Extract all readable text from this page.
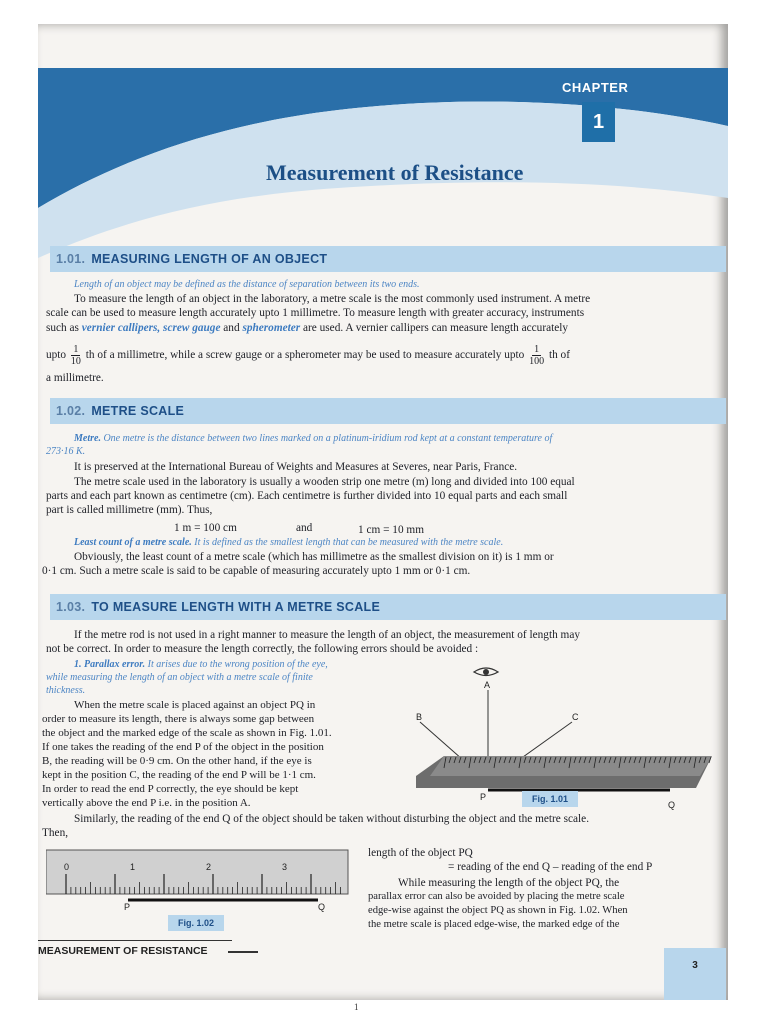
CHAPTER
1
Measurement of Resistance
1.01. MEASURING LENGTH OF AN OBJECT
Length of an object may be defined as the distance of separation between its two ends.
To measure the length of an object in the laboratory, a metre scale is the most commonly used instrument. A metre
scale can be used to measure length accurately upto 1 millimetre. To measure length with greater accuracy, instruments
such as vernier callipers, screw gauge and spherometer are used. A vernier callipers can measure length accurately
upto $\frac{1}{10}$ th of a millimetre, while a screw gauge or a spherometer may be used to measure accurately upto $\frac{1}{100}$ th of
a millimetre.
1.02. METRE SCALE
Metre. One metre is the distance between two lines marked on a platinum-iridium rod kept at a constant temperature of
273·16 K.
It is preserved at the International Bureau of Weights and Measures at Severes, near Paris, France.
The metre scale used in the laboratory is usually a wooden strip one metre (m) long and divided into 100 equal
parts and each part known as centimetre (cm). Each centimetre is further divided into 10 equal parts and each small
part is called millimetre (mm). Thus,
1 m = 100 cm	and	1 cm = 10 mm
Least count of a metre scale. It is defined as the smallest length that can be measured with the metre scale.
Obviously, the least count of a metre scale (which has millimetre as the smallest division on it) is 1 mm or
0·1 cm. Such a metre scale is said to be capable of measuring accurately upto 1 mm or 0·1 cm.
1.03. TO MEASURE LENGTH WITH A METRE SCALE
If the metre rod is not used in a right manner to measure the length of an object, the measurement of length may
not be correct. In order to measure the length correctly, the following errors should be avoided :
1. Parallax error. It arises due to the wrong position of the eye,
while measuring the length of an object with a metre scale of finite
thickness.
When the metre scale is placed against an object PQ in
order to measure its length, there is always some gap between
the object and the marked edge of the scale as shown in Fig. 1.01.
If one takes the reading of the end P of the object in the position
B, the reading will be 0·9 cm. On the other hand, if the eye is
kept in the position C, the reading of the end P will be 1·1 cm.
In order to read the end P correctly, the eye should be kept
vertically above the end P i.e. in the position A.
A
B	C
P
Q
Fig. 1.01
Similarly, the reading of the end Q of the object should be taken without disturbing the object and the metre scale.
Then,
0	1	2	3
P	Q
Fig. 1.02
length of the object PQ
= reading of the end Q – reading of the end P
While measuring the length of the object PQ, the
parallax error can also be avoided by placing the metre scale
edge-wise against the object PQ as shown in Fig. 1.02. When
the metre scale is placed edge-wise, the marked edge of the
MEASUREMENT OF RESISTANCE
3
1
